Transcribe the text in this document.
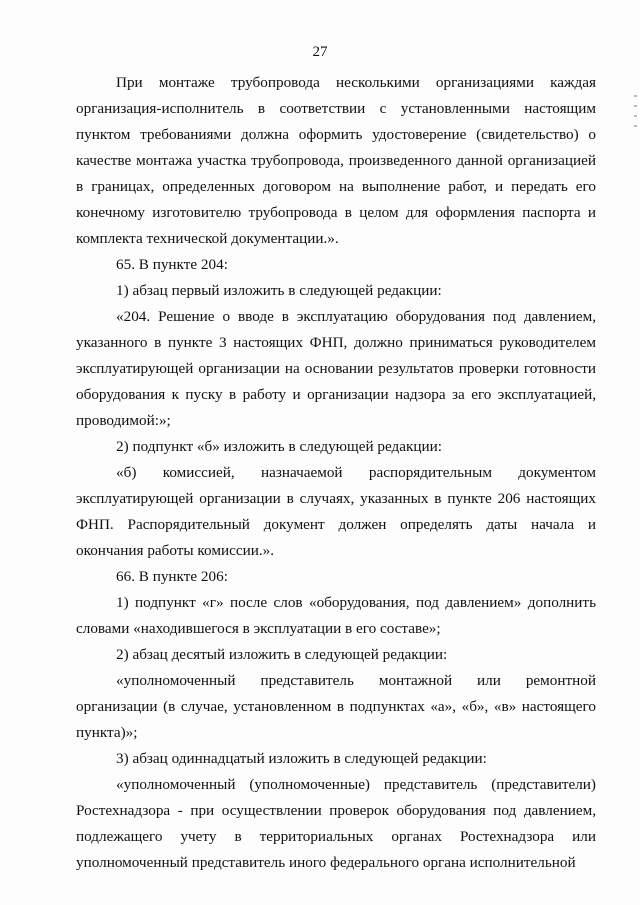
27

При монтаже трубопровода несколькими организациями каждая организация-исполнитель в соответствии с установленными настоящим пунктом требованиями должна оформить удостоверение (свидетельство) о качестве монтажа участка трубопровода, произведенного данной организацией в границах, определенных договором на выполнение работ, и передать его конечному изготовителю трубопровода в целом для оформления паспорта и комплекта технической документации.».

65. В пункте 204:

1) абзац первый изложить в следующей редакции:

«204. Решение о вводе в эксплуатацию оборудования под давлением, указанного в пункте 3 настоящих ФНП, должно приниматься руководителем эксплуатирующей организации на основании результатов проверки готовности оборудования к пуску в работу и организации надзора за его эксплуатацией, проводимой:»;

2) подпункт «б» изложить в следующей редакции:

«б) комиссией, назначаемой распорядительным документом эксплуатирующей организации в случаях, указанных в пункте 206 настоящих ФНП. Распорядительный документ должен определять даты начала и окончания работы комиссии.».

66. В пункте 206:

1) подпункт «г» после слов «оборудования, под давлением» дополнить словами «находившегося в эксплуатации в его составе»;

2) абзац десятый изложить в следующей редакции:

«уполномоченный представитель монтажной или ремонтной организации (в случае, установленном в подпунктах «а», «б», «в» настоящего пункта)»;

3) абзац одиннадцатый изложить в следующей редакции:

«уполномоченный (уполномоченные) представитель (представители) Ростехнадзора - при осуществлении проверок оборудования под давлением, подлежащего учету в территориальных органах Ростехнадзора или уполномоченный представитель иного федерального органа исполнительной
